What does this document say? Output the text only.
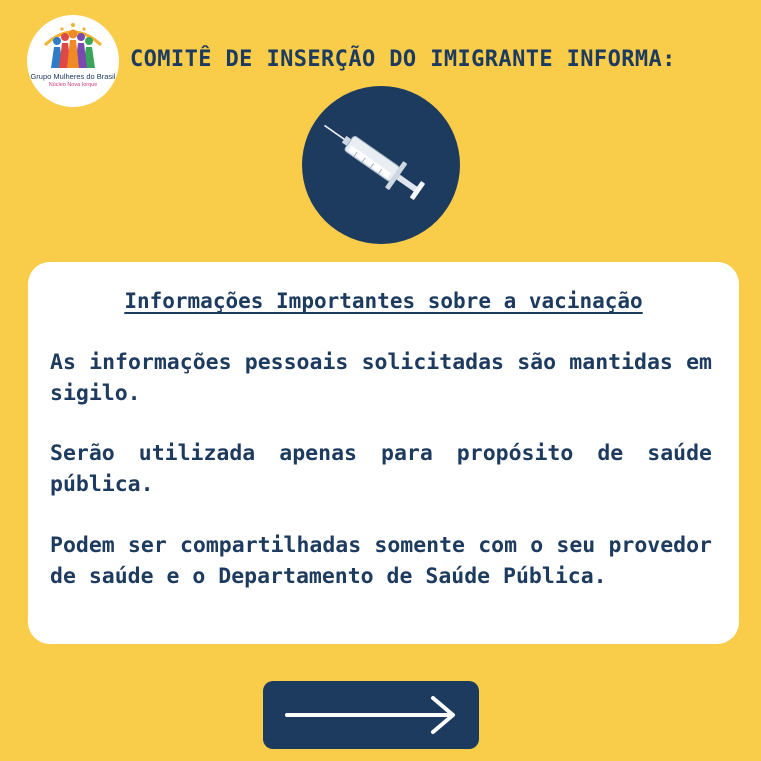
Grupo Mulheres do Brasil
Núcleo Nova Iorque
COMITÊ DE INSERÇÃO DO IMIGRANTE INFORMA:
Informações Importantes sobre a vacinação
As informações pessoais solicitadas são mantidas em sigilo.
Serão utilizada apenas para propósito de saúde pública.
Podem ser compartilhadas somente com o seu provedor de saúde e o Departamento de Saúde Pública.
